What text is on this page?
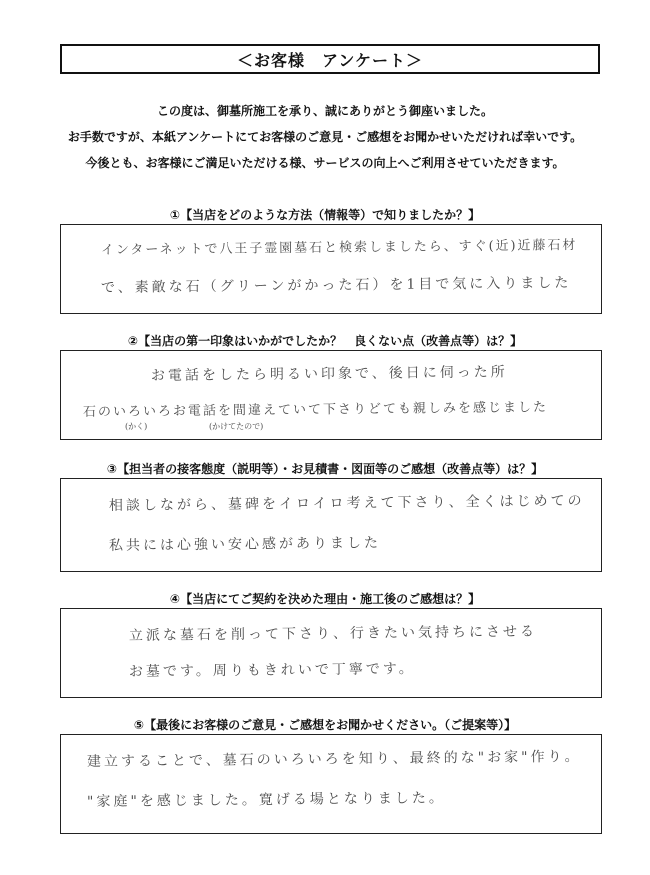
＜お客様　アンケート＞
この度は、御墓所施工を承り、誠にありがとう御座いました。
お手数ですが、本紙アンケートにてお客様のご意見・ご感想をお聞かせいただければ幸いです。
今後とも、お客様にご満足いただける様、サービスの向上へご利用させていただきます。
①【当店をどのような方法（情報等）で知りましたか？】
インターネットで八王子霊園墓石と検索しましたら、すぐ(近)近藤石材
で、素敵な石（グリーンがかった石）を1目で気に入りました
②【当店の第一印象はいかがでしたか？　良くない点（改善点等）は？】
お電話をしたら明るい印象で、後日に伺った所
石のいろいろお電話を間違えていて下さりどても親しみを感じました
(かく)	(かけてたので)
③【担当者の接客態度（説明等）・お見積書・図面等のご感想（改善点等）は？】
相談しながら、墓碑をイロイロ考えて下さり、全くはじめての
私共には心強い安心感がありました
④【当店にてご契約を決めた理由・施工後のご感想は？】
立派な墓石を削って下さり、行きたい気持ちにさせる
お墓です。周りもきれいで丁寧です。
⑤【最後にお客様のご意見・ご感想をお聞かせください。（ご提案等）】
建立することで、墓石のいろいろを知り、最終的な"お家"作り。
"家庭"を感じました。寛げる場となりました。
